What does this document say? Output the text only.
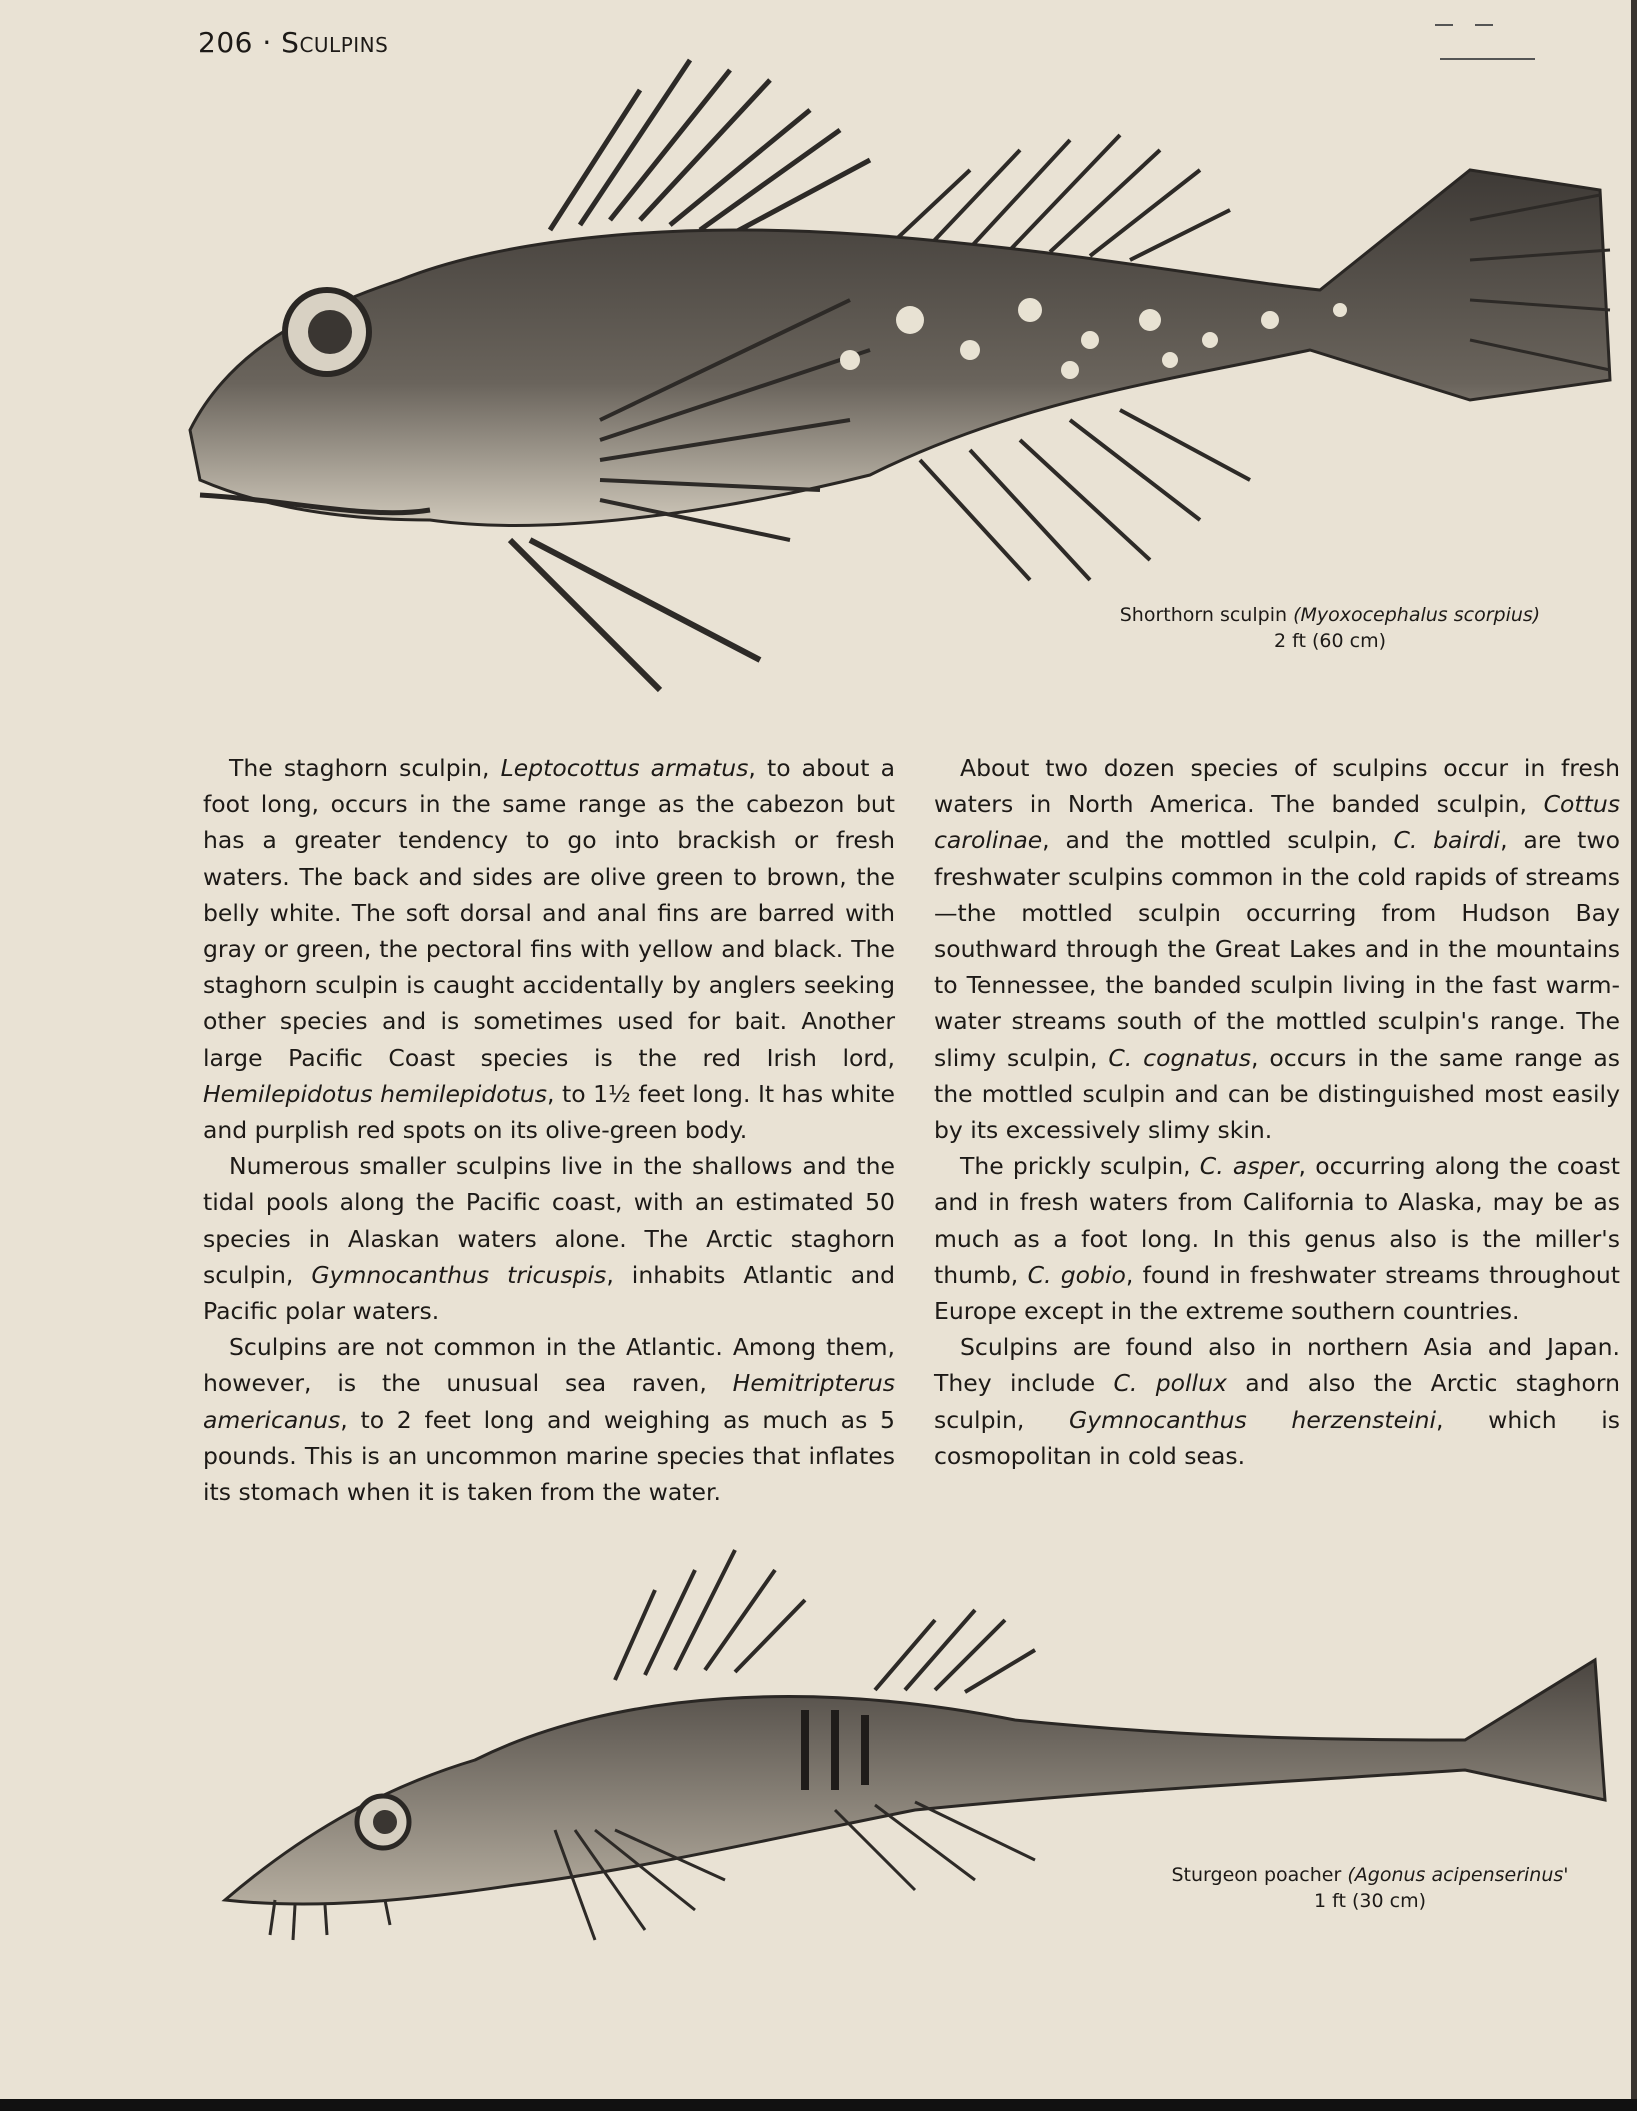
206 · Sculpins
Shorthorn sculpin (Myoxocephalus scorpius)
2 ft (60 cm)

The staghorn sculpin, Leptocottus armatus, to about a foot long, occurs in the same range as the cabezon but has a greater tendency to go into brackish or fresh waters. The back and sides are olive green to brown, the belly white. The soft dorsal and anal fins are barred with gray or green, the pectoral fins with yellow and black. The staghorn sculpin is caught accidentally by anglers seeking other species and is sometimes used for bait. Another large Pacific Coast species is the red Irish lord, Hemilepidotus hemilepidotus, to 1½ feet long. It has white and purplish red spots on its olive-green body.

Numerous smaller sculpins live in the shallows and the tidal pools along the Pacific coast, with an estimated 50 species in Alaskan waters alone. The Arctic staghorn sculpin, Gymnocanthus tricuspis, inhabits Atlantic and Pacific polar waters.

Sculpins are not common in the Atlantic. Among them, however, is the unusual sea raven, Hemitripterus americanus, to 2 feet long and weighing as much as 5 pounds. This is an uncommon marine species that inflates its stomach when it is taken from the water.

About two dozen species of sculpins occur in fresh waters in North America. The banded sculpin, Cottus carolinae, and the mottled sculpin, C. bairdi, are two freshwater sculpins common in the cold rapids of streams—the mottled sculpin occurring from Hudson Bay southward through the Great Lakes and in the mountains to Tennessee, the banded sculpin living in the fast warm-water streams south of the mottled sculpin's range. The slimy sculpin, C. cognatus, occurs in the same range as the mottled sculpin and can be distinguished most easily by its excessively slimy skin.

The prickly sculpin, C. asper, occurring along the coast and in fresh waters from California to Alaska, may be as much as a foot long. In this genus also is the miller's thumb, C. gobio, found in freshwater streams throughout Europe except in the extreme southern countries.

Sculpins are found also in northern Asia and Japan. They include C. pollux and also the Arctic staghorn sculpin, Gymnocanthus herzensteini, which is cosmopolitan in cold seas.

Sturgeon poacher (Agonus acipenserinus'
1 ft (30 cm)
